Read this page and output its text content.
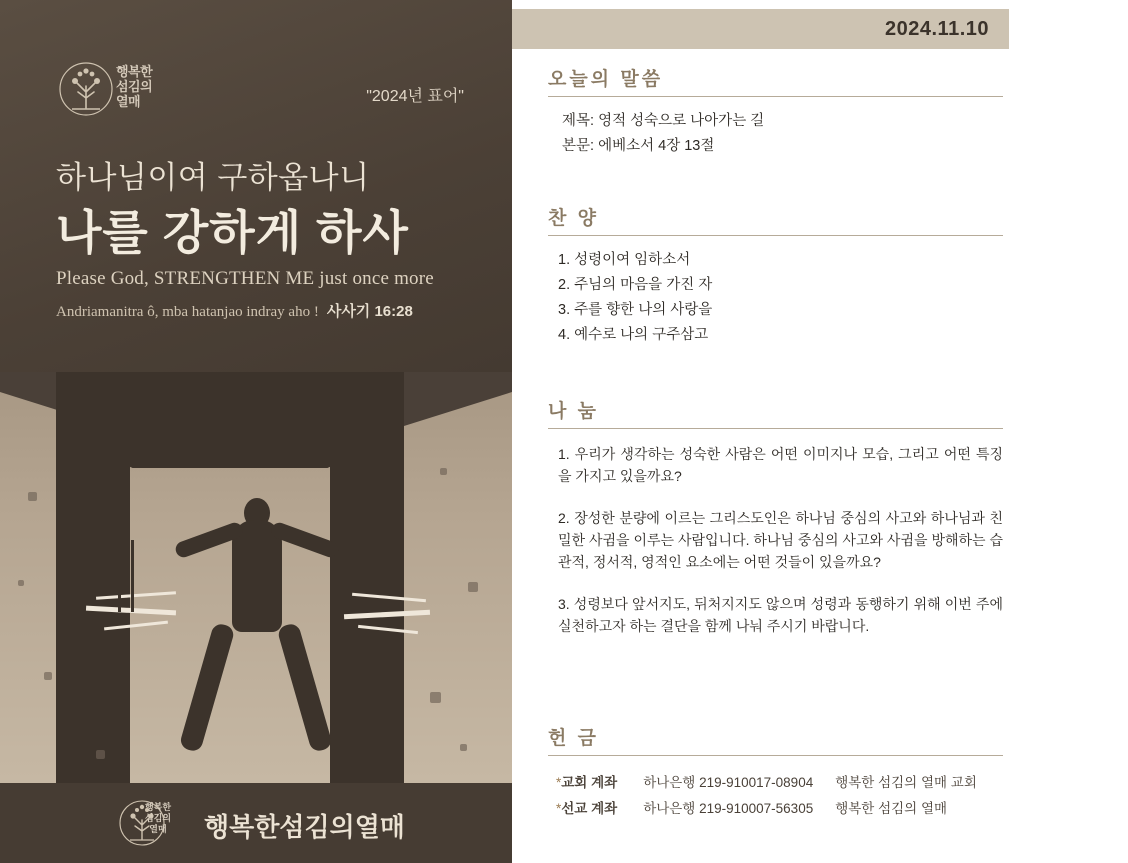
행복한
섬김의
열매	"2024년 표어"
하나님이여 구하옵나니
나를 강하게 하사
Please God, STRENGTHEN ME just once more
Andriamanitra ô, mba hatanjao indray aho ! 사사기 16:28
행복한
섬김의
열매	행복한섬김의열매
2024.11.10
오늘의 말씀
제목: 영적 성숙으로 나아가는 길
본문: 에베소서 4장 13절
찬 양
1. 성령이여 임하소서
2. 주님의 마음을 가진 자
3. 주를 향한 나의 사랑을
4. 예수로 나의 구주삼고
나 눔
1. 우리가 생각하는 성숙한 사람은 어떤 이미지나 모습, 그리고 어떤 특징을 가지고 있을까요?
2. 장성한 분량에 이르는 그리스도인은 하나님 중심의 사고와 하나님과 친밀한 사귐을 이루는 사람입니다. 하나님 중심의 사고와 사귐을 방해하는 습관적, 정서적, 영적인 요소에는 어떤 것들이 있을까요?
3. 성령보다 앞서지도, 뒤처지지도 않으며 성령과 동행하기 위해 이번 주에 실천하고자 하는 결단을 함께 나눠 주시기 바랍니다.
헌 금
*교회 계좌 하나은행 219-910017-08904 행복한 섬김의 열매 교회
*선교 계좌 하나은행 219-910007-56305 행복한 섬김의 열매
